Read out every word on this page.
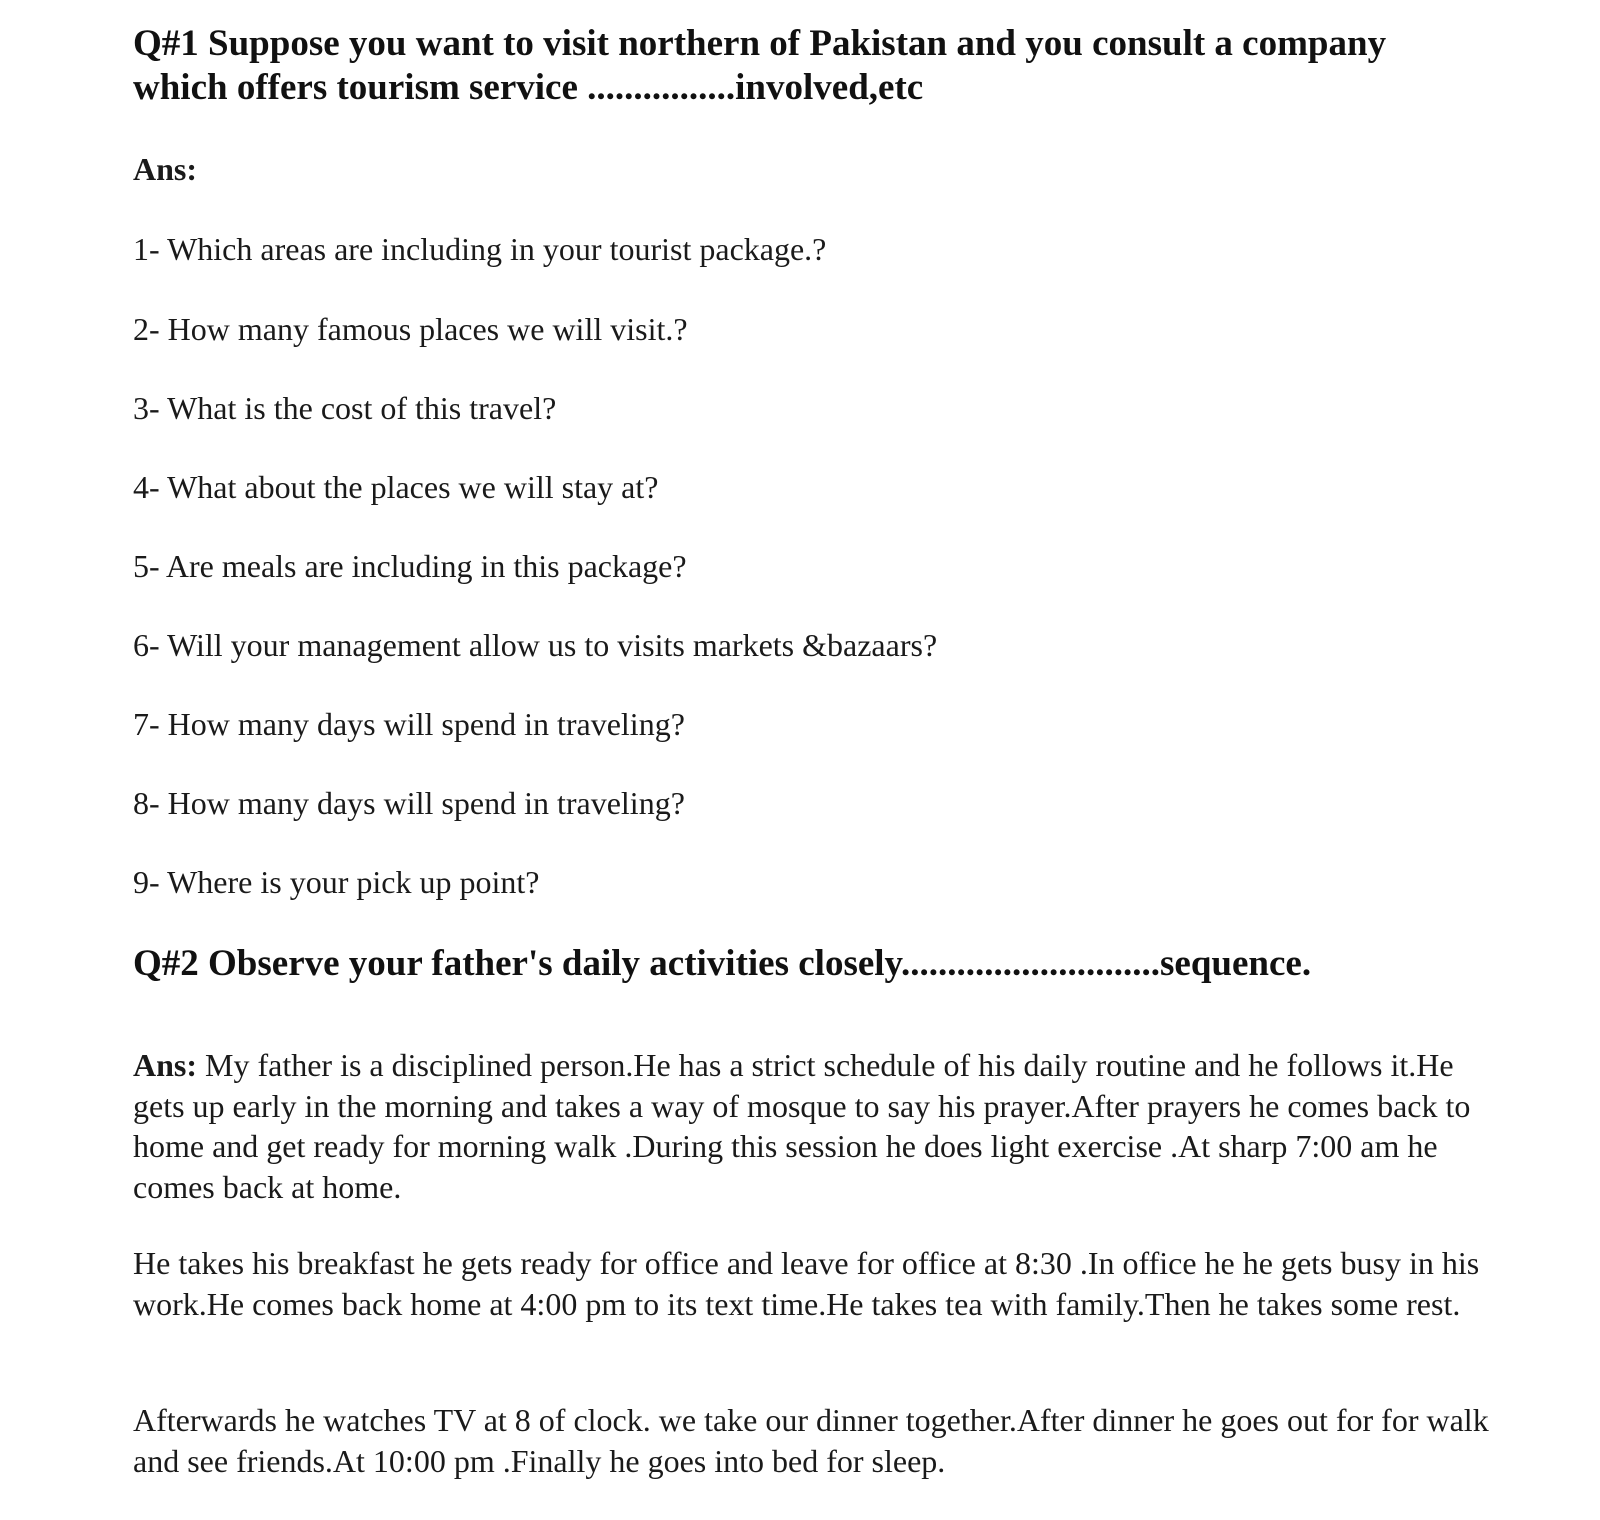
Q#1 Suppose you want to visit northern of Pakistan and you consult a company
which offers tourism service ................involved,etc

Ans:

1- Which areas are including in your tourist package.?
2- How many famous places we will visit.?
3- What is the cost of this travel?
4- What about the places we will stay at?
5- Are meals are including in this package?
6- Will your management allow us to visits markets &bazaars?
7- How many days will spend in traveling?
8- How many days will spend in traveling?
9- Where is your pick up point?
Q#2 Observe your father's daily activities closely............................sequence.

Ans: My father is a disciplined person.He has a strict schedule of his daily routine and he follows it.He gets up early in the morning and takes a way of mosque to say his prayer.After prayers he comes back to home and get ready for morning walk .During this session he does light exercise .At sharp 7:00 am he comes back at home.

He takes his breakfast he gets ready for office and leave for office at 8:30 .In office he he gets busy in his work.He comes back home at 4:00 pm to its text time.He takes tea with family.Then he takes some rest.

Afterwards he watches TV at 8 of clock. we take our dinner together.After dinner he goes out for for walk and see friends.At 10:00 pm .Finally he goes into bed for sleep.
